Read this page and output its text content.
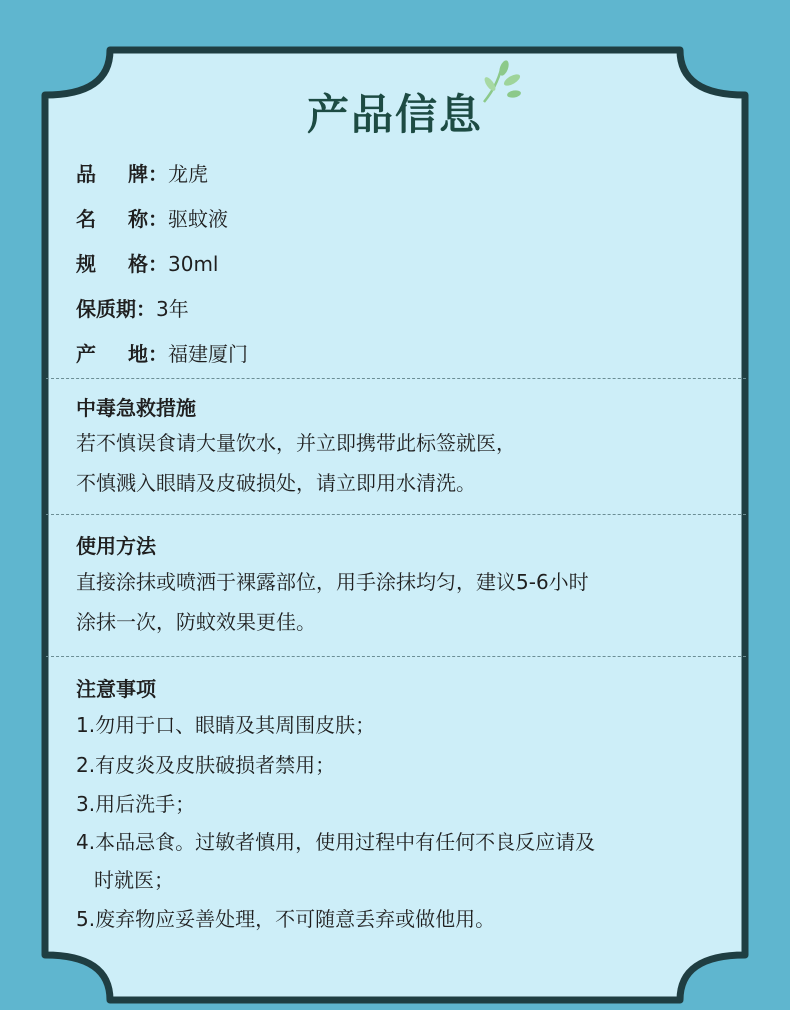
产品信息
品牌：龙虎
名称：驱蚊液
规格：30ml
保质期：3年
产地：福建厦门
中毒急救措施
若不慎误食请大量饮水，并立即携带此标签就医，
不慎溅入眼睛及皮破损处，请立即用水清洗。
使用方法
直接涂抹或喷洒于裸露部位，用手涂抹均匀，建议5-6小时
涂抹一次，防蚊效果更佳。
注意事项
1.勿用于口、眼睛及其周围皮肤；
2.有皮炎及皮肤破损者禁用；
3.用后洗手；
4.本品忌食。过敏者慎用，使用过程中有任何不良反应请及
时就医；
5.废弃物应妥善处理，不可随意丢弃或做他用。
